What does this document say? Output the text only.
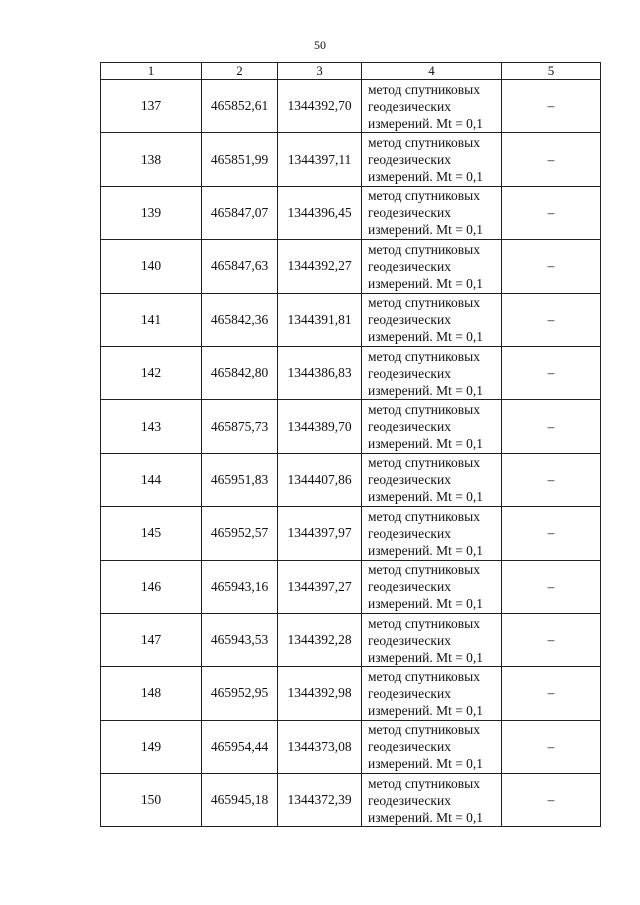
50
1	2	3	4	5
137	465852,61	1344392,70	метод спутниковых
геодезических
измерений. Mt = 0,1	–
138	465851,99	1344397,11	метод спутниковых
геодезических
измерений. Mt = 0,1	–
139	465847,07	1344396,45	метод спутниковых
геодезических
измерений. Mt = 0,1	–
140	465847,63	1344392,27	метод спутниковых
геодезических
измерений. Mt = 0,1	–
141	465842,36	1344391,81	метод спутниковых
геодезических
измерений. Mt = 0,1	–
142	465842,80	1344386,83	метод спутниковых
геодезических
измерений. Mt = 0,1	–
143	465875,73	1344389,70	метод спутниковых
геодезических
измерений. Mt = 0,1	–
144	465951,83	1344407,86	метод спутниковых
геодезических
измерений. Mt = 0,1	–
145	465952,57	1344397,97	метод спутниковых
геодезических
измерений. Mt = 0,1	–
146	465943,16	1344397,27	метод спутниковых
геодезических
измерений. Mt = 0,1	–
147	465943,53	1344392,28	метод спутниковых
геодезических
измерений. Mt = 0,1	–
148	465952,95	1344392,98	метод спутниковых
геодезических
измерений. Mt = 0,1	–
149	465954,44	1344373,08	метод спутниковых
геодезических
измерений. Mt = 0,1	–
150	465945,18	1344372,39	метод спутниковых
геодезических
измерений. Mt = 0,1	–
